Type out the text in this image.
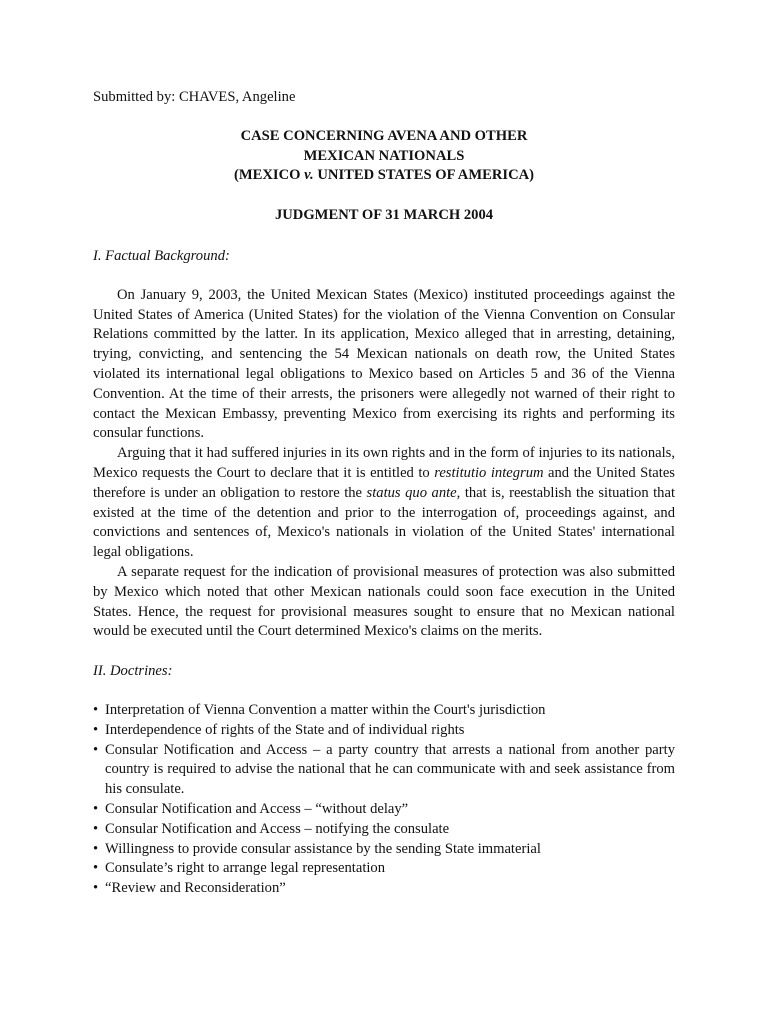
Submitted by: CHAVES, Angeline

CASE CONCERNING AVENA AND OTHER
MEXICAN NATIONALS
(MEXICO v. UNITED STATES OF AMERICA)

JUDGMENT OF 31 MARCH 2004

I. Factual Background:

On January 9, 2003, the United Mexican States (Mexico) instituted proceedings against the United States of America (United States) for the violation of the Vienna Convention on Consular Relations committed by the latter. In its application, Mexico alleged that in arresting, detaining, trying, convicting, and sentencing the 54 Mexican nationals on death row, the United States violated its international legal obligations to Mexico based on Articles 5 and 36 of the Vienna Convention. At the time of their arrests, the prisoners were allegedly not warned of their right to contact the Mexican Embassy, preventing Mexico from exercising its rights and performing its consular functions.

Arguing that it had suffered injuries in its own rights and in the form of injuries to its nationals, Mexico requests the Court to declare that it is entitled to restitutio integrum and the United States therefore is under an obligation to restore the status quo ante, that is, reestablish the situation that existed at the time of the detention and prior to the interrogation of, proceedings against, and convictions and sentences of, Mexico's nationals in violation of the United States' international legal obligations.

A separate request for the indication of provisional measures of protection was also submitted by Mexico which noted that other Mexican nationals could soon face execution in the United States. Hence, the request for provisional measures sought to ensure that no Mexican national would be executed until the Court determined Mexico's claims on the merits.

II. Doctrines:

• Interpretation of Vienna Convention a matter within the Court's jurisdiction
• Interdependence of rights of the State and of individual rights
• Consular Notification and Access – a party country that arrests a national from another party country is required to advise the national that he can communicate with and seek assistance from his consulate.
• Consular Notification and Access – “without delay”
• Consular Notification and Access – notifying the consulate
• Willingness to provide consular assistance by the sending State immaterial
• Consulate’s right to arrange legal representation
• “Review and Reconsideration”
